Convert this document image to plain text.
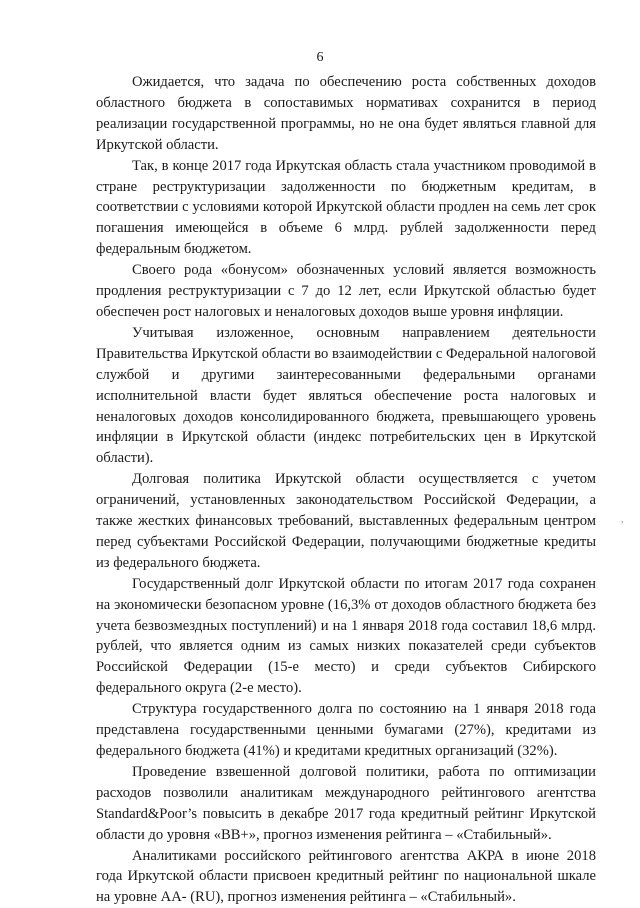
6

Ожидается, что задача по обеспечению роста собственных доходов областного бюджета в сопоставимых нормативах сохранится в период реализации государственной программы, но не она будет являться главной для Иркутской области.

Так, в конце 2017 года Иркутская область стала участником проводимой в стране реструктуризации задолженности по бюджетным кредитам, в соответствии с условиями которой Иркутской области продлен на семь лет срок погашения имеющейся в объеме 6 млрд. рублей задолженности перед федеральным бюджетом.

Своего рода «бонусом» обозначенных условий является возможность продления реструктуризации с 7 до 12 лет, если Иркутской областью будет обеспечен рост налоговых и неналоговых доходов выше уровня инфляции.

Учитывая изложенное, основным направлением деятельности Правительства Иркутской области во взаимодействии с Федеральной налоговой службой и другими заинтересованными федеральными органами исполнительной власти будет являться обеспечение роста налоговых и неналоговых доходов консолидированного бюджета, превышающего уровень инфляции в Иркутской области (индекс потребительских цен в Иркутской области).

Долговая политика Иркутской области осуществляется с учетом ограничений, установленных законодательством Российской Федерации, а также жестких финансовых требований, выставленных федеральным центром перед субъектами Российской Федерации, получающими бюджетные кредиты из федерального бюджета.

Государственный долг Иркутской области по итогам 2017 года сохранен на экономически безопасном уровне (16,3% от доходов областного бюджета без учета безвозмездных поступлений) и на 1 января 2018 года составил 18,6 млрд. рублей, что является одним из самых низких показателей среди субъектов Российской Федерации (15-е место) и среди субъектов Сибирского федерального округа (2-е место).

Структура государственного долга по состоянию на 1 января 2018 года представлена государственными ценными бумагами (27%), кредитами из федерального бюджета (41%) и кредитами кредитных организаций (32%).

Проведение взвешенной долговой политики, работа по оптимизации расходов позволили аналитикам международного рейтингового агентства Standard&Poor’s повысить в декабре 2017 года кредитный рейтинг Иркутской области до уровня «ВВ+», прогноз изменения рейтинга – «Стабильный».

Аналитиками российского рейтингового агентства АКРА в июне 2018 года Иркутской области присвоен кредитный рейтинг по национальной шкале на уровне АА- (RU), прогноз изменения рейтинга – «Стабильный».

,
